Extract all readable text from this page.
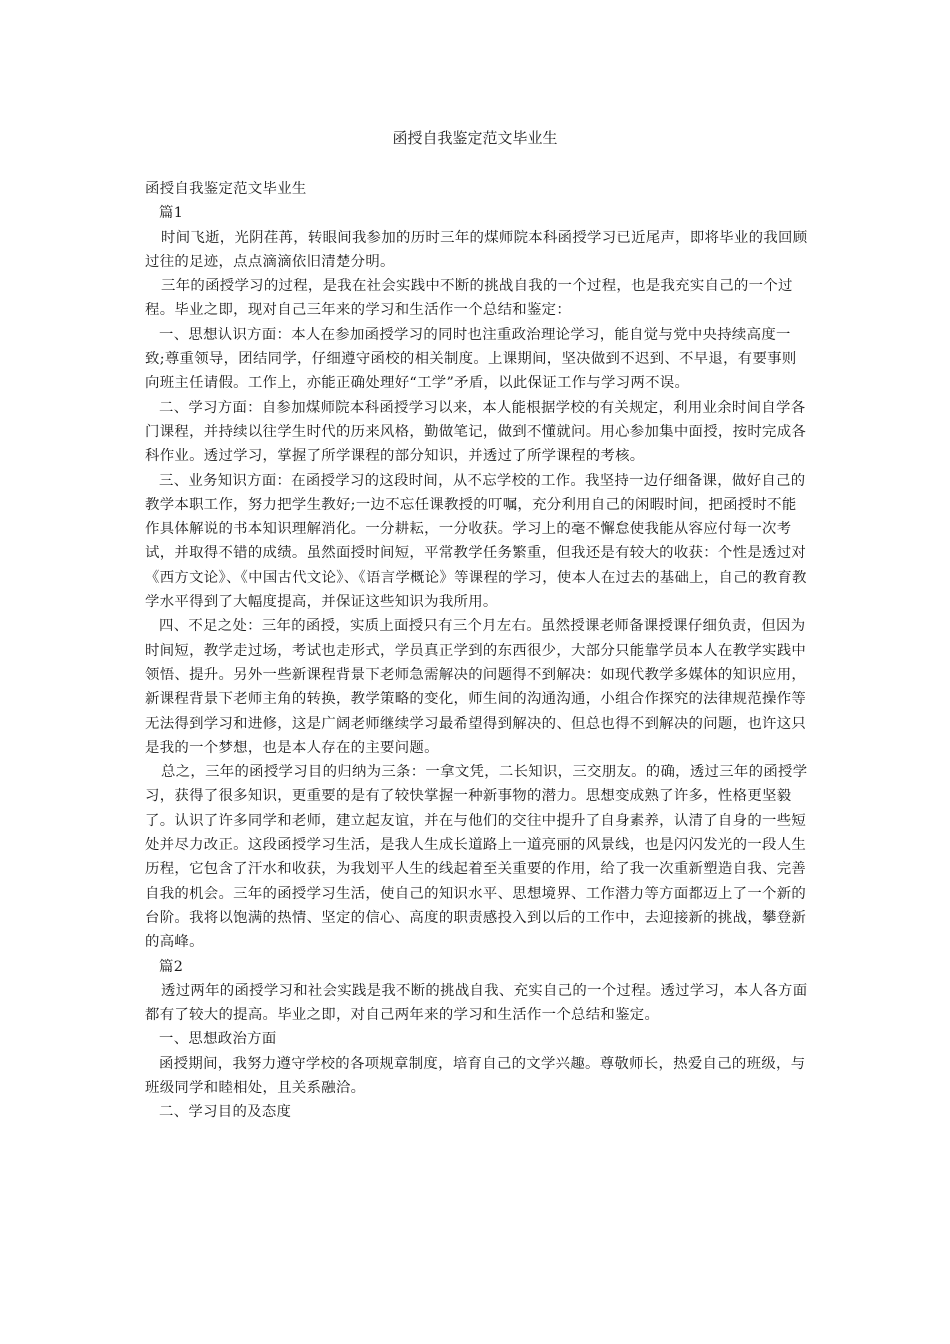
函授自我鉴定范文毕业生

函授自我鉴定范文毕业生

篇1

时间飞逝，光阴荏苒，转眼间我参加的历时三年的煤师院本科函授学习已近尾声，即将毕业的我回顾过往的足迹，点点滴滴依旧清楚分明。

三年的函授学习的过程，是我在社会实践中不断的挑战自我的一个过程，也是我充实自己的一个过程。毕业之即，现对自己三年来的学习和生活作一个总结和鉴定：

一、思想认识方面：本人在参加函授学习的同时也注重政治理论学习，能自觉与党中央持续高度一致;尊重领导，团结同学，仔细遵守函校的相关制度。上课期间，坚决做到不迟到、不早退，有要事则向班主任请假。工作上，亦能正确处理好“工学”矛盾，以此保证工作与学习两不误。

二、学习方面：自参加煤师院本科函授学习以来，本人能根据学校的有关规定，利用业余时间自学各门课程，并持续以往学生时代的历来风格，勤做笔记，做到不懂就问。用心参加集中面授，按时完成各科作业。透过学习，掌握了所学课程的部分知识，并透过了所学课程的考核。

三、业务知识方面：在函授学习的这段时间，从不忘学校的工作。我坚持一边仔细备课，做好自己的教学本职工作，努力把学生教好;一边不忘任课教授的叮嘱，充分利用自己的闲暇时间，把函授时不能作具体解说的书本知识理解消化。一分耕耘，一分收获。学习上的毫不懈怠使我能从容应付每一次考试，并取得不错的成绩。虽然面授时间短，平常教学任务繁重，但我还是有较大的收获：个性是透过对《西方文论》、《中国古代文论》、《语言学概论》等课程的学习，使本人在过去的基础上，自己的教育教学水平得到了大幅度提高，并保证这些知识为我所用。

四、不足之处：三年的函授，实质上面授只有三个月左右。虽然授课老师备课授课仔细负责，但因为时间短，教学走过场，考试也走形式，学员真正学到的东西很少，大部分只能靠学员本人在教学实践中领悟、提升。另外一些新课程背景下老师急需解决的问题得不到解决：如现代教学多媒体的知识应用，新课程背景下老师主角的转换，教学策略的变化，师生间的沟通沟通，小组合作探究的法律规范操作等无法得到学习和进修，这是广阔老师继续学习最希望得到解决的、但总也得不到解决的问题，也许这只是我的一个梦想，也是本人存在的主要问题。

总之，三年的函授学习目的归纳为三条：一拿文凭，二长知识，三交朋友。的确，透过三年的函授学习，获得了很多知识，更重要的是有了较快掌握一种新事物的潜力。思想变成熟了许多，性格更坚毅了。认识了许多同学和老师，建立起友谊，并在与他们的交往中提升了自身素养，认清了自身的一些短处并尽力改正。这段函授学习生活，是我人生成长道路上一道亮丽的风景线，也是闪闪发光的一段人生历程，它包含了汗水和收获，为我划平人生的线起着至关重要的作用，给了我一次重新塑造自我、完善自我的机会。三年的函授学习生活，使自己的知识水平、思想境界、工作潜力等方面都迈上了一个新的台阶。我将以饱满的热情、坚定的信心、高度的职责感投入到以后的工作中，去迎接新的挑战，攀登新的高峰。

篇2

透过两年的函授学习和社会实践是我不断的挑战自我、充实自己的一个过程。透过学习，本人各方面都有了较大的提高。毕业之即，对自己两年来的学习和生活作一个总结和鉴定。

一、思想政治方面

函授期间，我努力遵守学校的各项规章制度，培育自己的文学兴趣。尊敬师长，热爱自己的班级，与班级同学和睦相处，且关系融洽。

二、学习目的及态度
